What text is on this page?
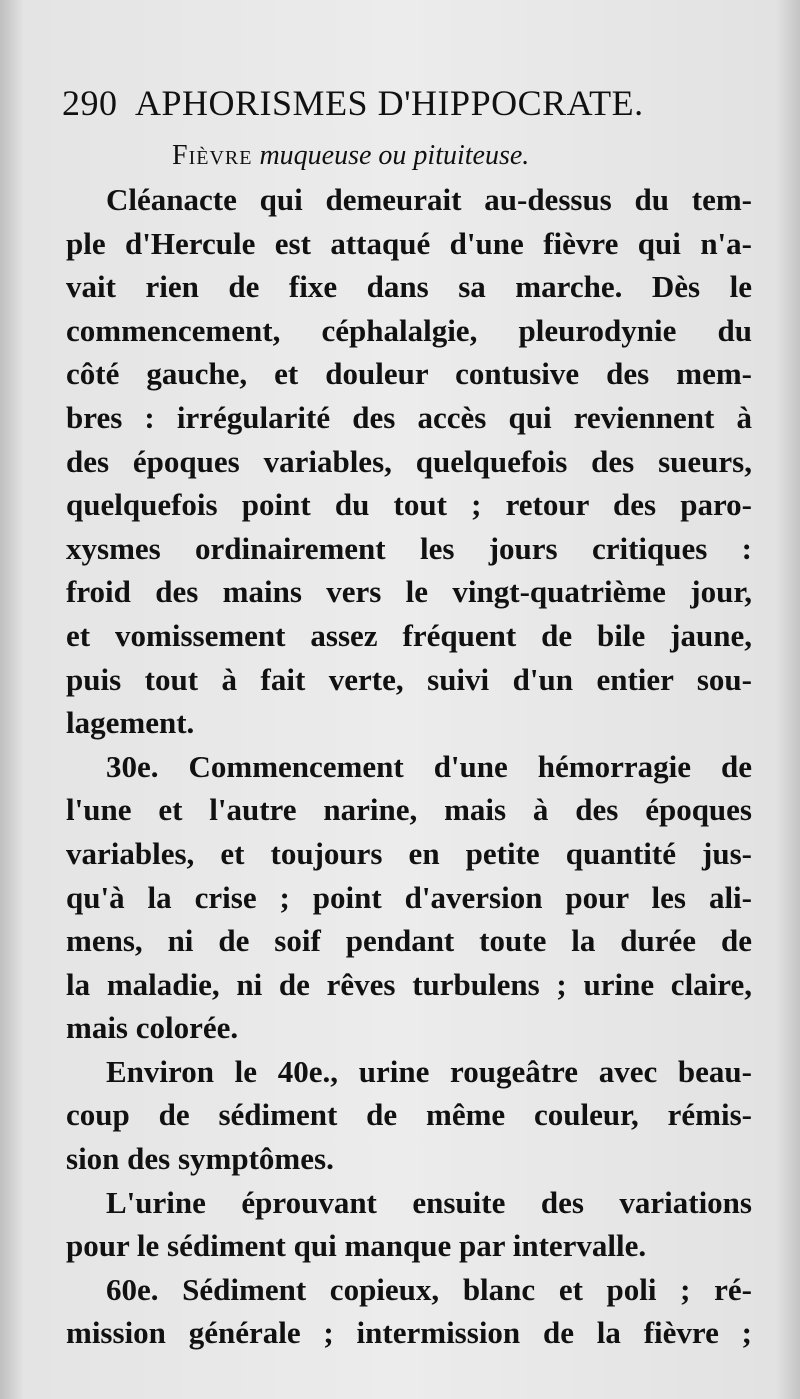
290 APHORISMES D'HIPPOCRATE.
Fièvre muqueuse ou pituiteuse.
Cléanacte qui demeurait au-dessus du tem-
ple d'Hercule est attaqué d'une fièvre qui n'a-
vait rien de fixe dans sa marche. Dès le
commencement, céphalalgie, pleurodynie du
côté gauche, et douleur contusive des mem-
bres : irrégularité des accès qui reviennent à
des époques variables, quelquefois des sueurs,
quelquefois point du tout ; retour des paro-
xysmes ordinairement les jours critiques :
froid des mains vers le vingt-quatrième jour,
et vomissement assez fréquent de bile jaune,
puis tout à fait verte, suivi d'un entier sou-
lagement.
30e. Commencement d'une hémorragie de
l'une et l'autre narine, mais à des époques
variables, et toujours en petite quantité jus-
qu'à la crise ; point d'aversion pour les ali-
mens, ni de soif pendant toute la durée de
la maladie, ni de rêves turbulens ; urine claire,
mais colorée.
Environ le 40e., urine rougeâtre avec beau-
coup de sédiment de même couleur, rémis-
sion des symptômes.
L'urine éprouvant ensuite des variations
pour le sédiment qui manque par intervalle.
60e. Sédiment copieux, blanc et poli ; ré-
mission générale ; intermission de la fièvre ;
